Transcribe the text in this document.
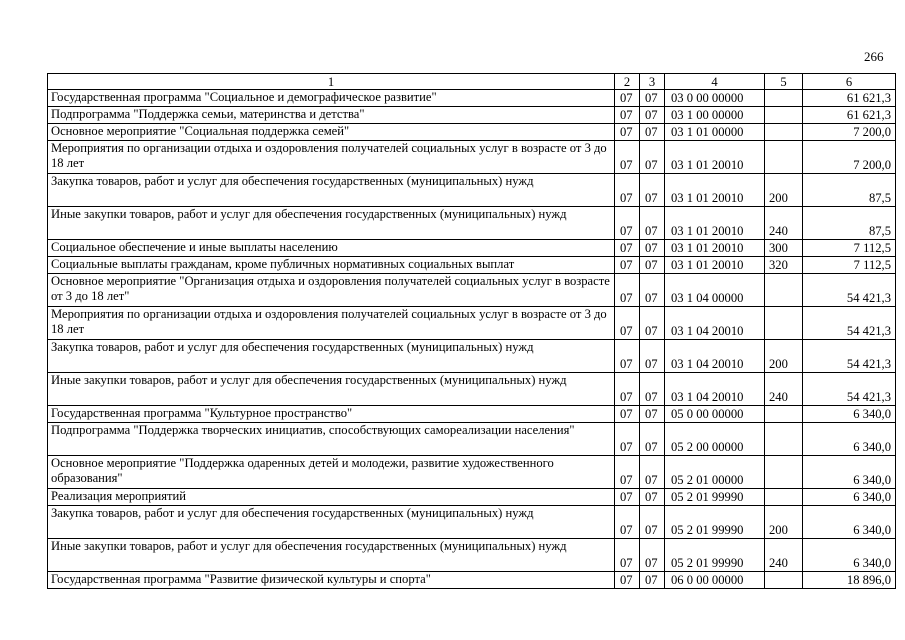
266
1	2	3	4	5	6
Государственная программа "Социальное и демографическое развитие"	07	07	03 0 00 00000		61 621,3
Подпрограмма "Поддержка семьи, материнства и детства"	07	07	03 1 00 00000		61 621,3
Основное мероприятие "Социальная поддержка семей"	07	07	03 1 01 00000		7 200,0
Мероприятия по организации отдыха и оздоровления получателей социальных услуг в возрасте от 3 до 18 лет	07	07	03 1 01 20010		7 200,0
Закупка товаров, работ и услуг для обеспечения государственных (муниципальных) нужд	07	07	03 1 01 20010	200	87,5
Иные закупки товаров, работ и услуг для обеспечения государственных (муниципальных) нужд	07	07	03 1 01 20010	240	87,5
Социальное обеспечение и иные выплаты населению	07	07	03 1 01 20010	300	7 112,5
Социальные выплаты гражданам, кроме публичных нормативных социальных выплат	07	07	03 1 01 20010	320	7 112,5
Основное мероприятие "Организация отдыха и оздоровления получателей социальных услуг в возрасте от 3 до 18 лет"	07	07	03 1 04 00000		54 421,3
Мероприятия по организации отдыха и оздоровления получателей социальных услуг в возрасте от 3 до 18 лет	07	07	03 1 04 20010		54 421,3
Закупка товаров, работ и услуг для обеспечения государственных (муниципальных) нужд	07	07	03 1 04 20010	200	54 421,3
Иные закупки товаров, работ и услуг для обеспечения государственных (муниципальных) нужд	07	07	03 1 04 20010	240	54 421,3
Государственная программа "Культурное пространство"	07	07	05 0 00 00000		6 340,0
Подпрограмма "Поддержка творческих инициатив, способствующих самореализации населения"	07	07	05 2 00 00000		6 340,0
Основное мероприятие "Поддержка одаренных детей и молодежи, развитие художественного образования"	07	07	05 2 01 00000		6 340,0
Реализация мероприятий	07	07	05 2 01 99990		6 340,0
Закупка товаров, работ и услуг для обеспечения государственных (муниципальных) нужд	07	07	05 2 01 99990	200	6 340,0
Иные закупки товаров, работ и услуг для обеспечения государственных (муниципальных) нужд	07	07	05 2 01 99990	240	6 340,0
Государственная программа "Развитие физической культуры и спорта"	07	07	06 0 00 00000		18 896,0
